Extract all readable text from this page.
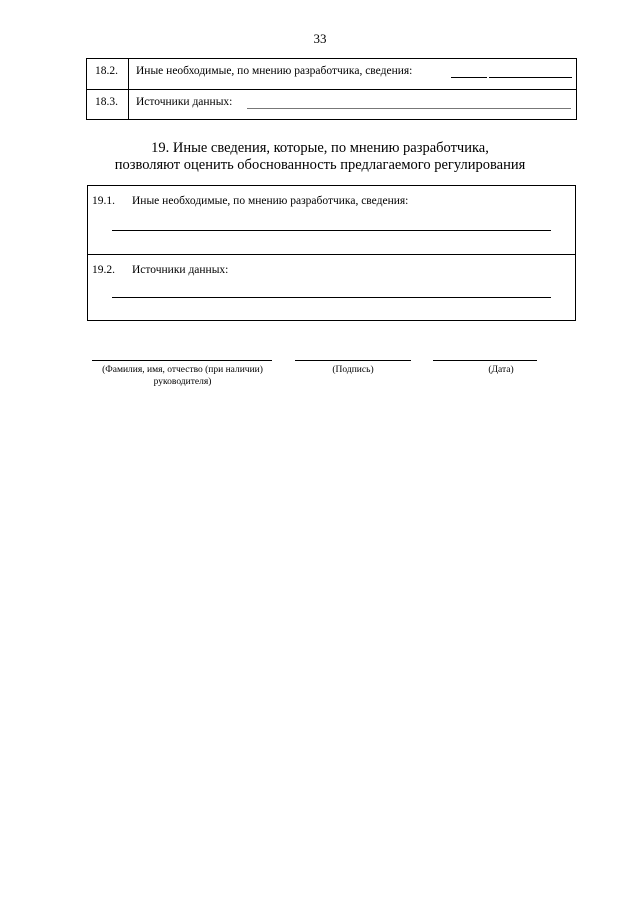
33
18.2. Иные необходимые, по мнению разработчика, сведения:
18.3. Источники данных:
19. Иные сведения, которые, по мнению разработчика,
позволяют оценить обоснованность предлагаемого регулирования
19.1. Иные необходимые, по мнению разработчика, сведения:
19.2. Источники данных:
(Фамилия, имя, отчество (при наличии)
руководителя)
(Подпись)	(Дата)
